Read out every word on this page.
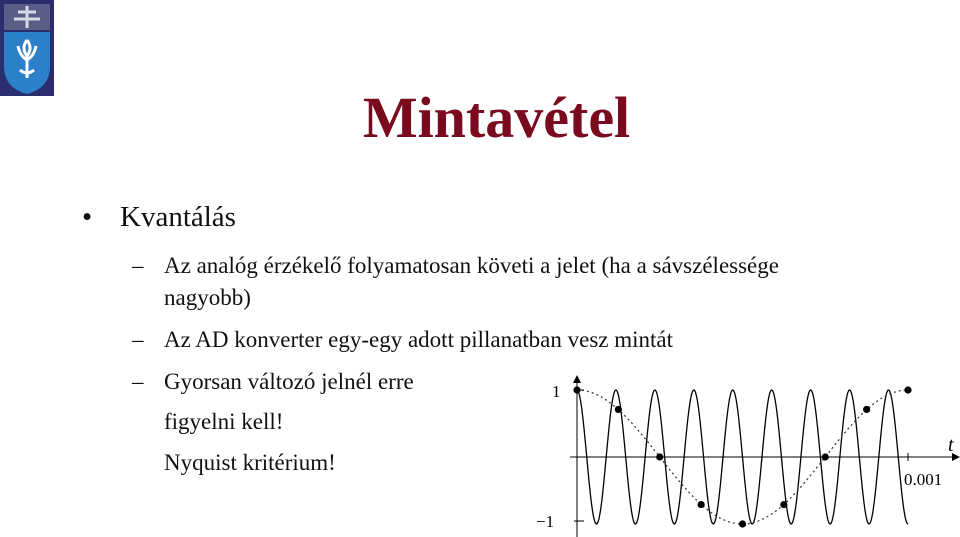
Mintavétel
• Kvantálás
– Az analóg érzékelő folyamatosan követi a jelet (ha a sávszélessége
nagyobb)
– Az AD konverter egy-egy adott pillanatban vesz mintát
– Gyorsan változó jelnél erre
figyelni kell!
Nyquist kritérium!
1
−1
0.001
t
